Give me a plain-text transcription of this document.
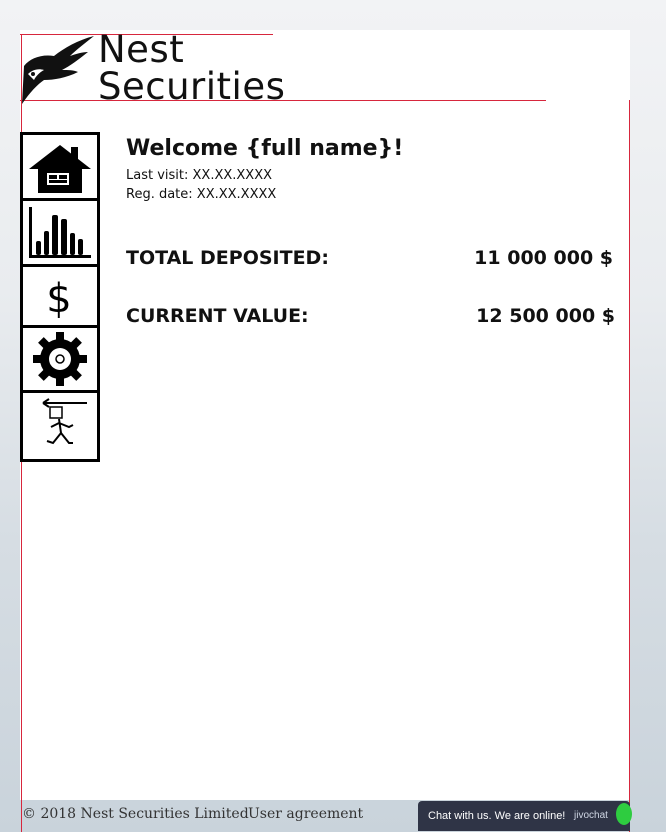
Nest
Securities
$
Welcome {full name}!
Last visit: XX.XX.XXXX
Reg. date: XX.XX.XXXX
TOTAL DEPOSITED:	11 000 000 $
CURRENT VALUE:	12 500 000 $
© 2018 Nest Securities Limited User agreement	Chat with us. We are online! jivochat
